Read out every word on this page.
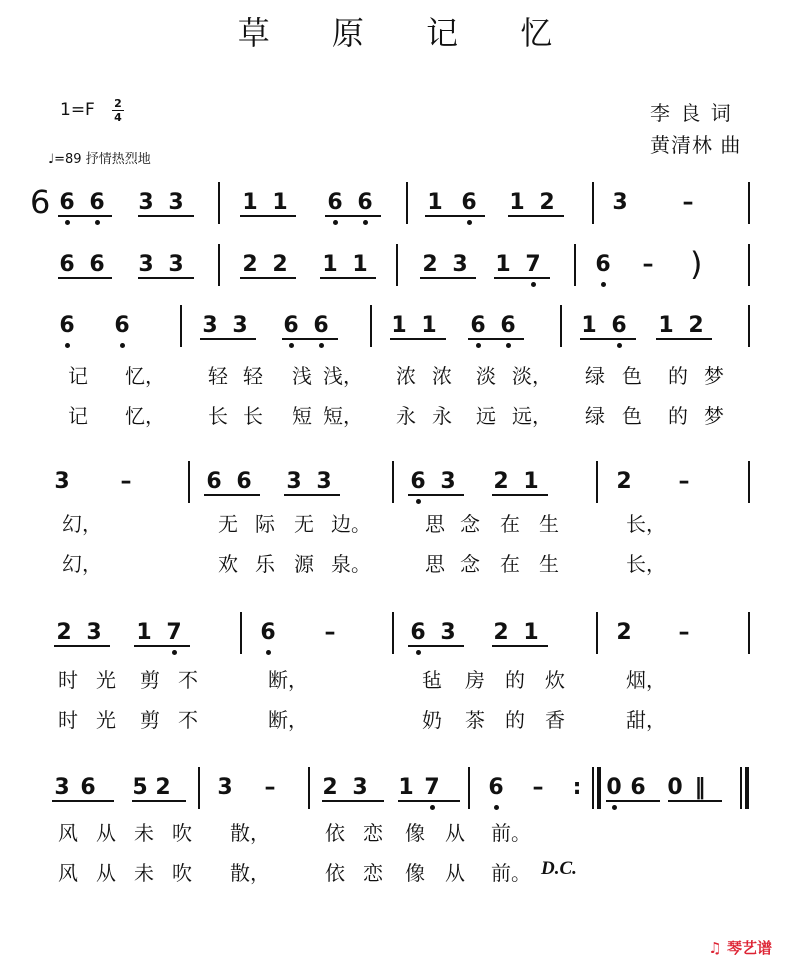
草 原 记 忆
1=F 2
4
♩=89 抒情热烈地
李 良 词
黄清林 曲
6 6 3 3	1 1 6 6 1 6 1 2	3 –
6
6 6 3 3	2 2 1 1 2 3 1 7 6 – )
6 6	3 3 6 6	1 1 6 6	1 6 1 2
3 –	6 6 3 3	6 3 2 1	2 –
2 3 1 7	6 –	6 3 2 1	2 –
3 6 5 2 3 – 2 3 1 7 6 –	0 6 0 ‖
:
记 忆， 轻 轻 浅 浅， 浓 浓 淡 淡， 绿 色 的 梦
记 忆， 长 长 短 短， 永 永 远 远， 绿 色 的 梦
幻，	无 际 无 边。	思 念 在 生	长，
幻，	欢 乐 源 泉。	思 念 在 生	长，
时 光 剪 不	断，	毡 房 的 炊	烟，
时 光 剪 不	断，	奶 茶 的 香	甜，
风 从 未 吹 散，	依 恋 像 从 前。
风 从 未 吹 散，	依 恋 像 从 前。 D.C.
♫ 琴艺谱
